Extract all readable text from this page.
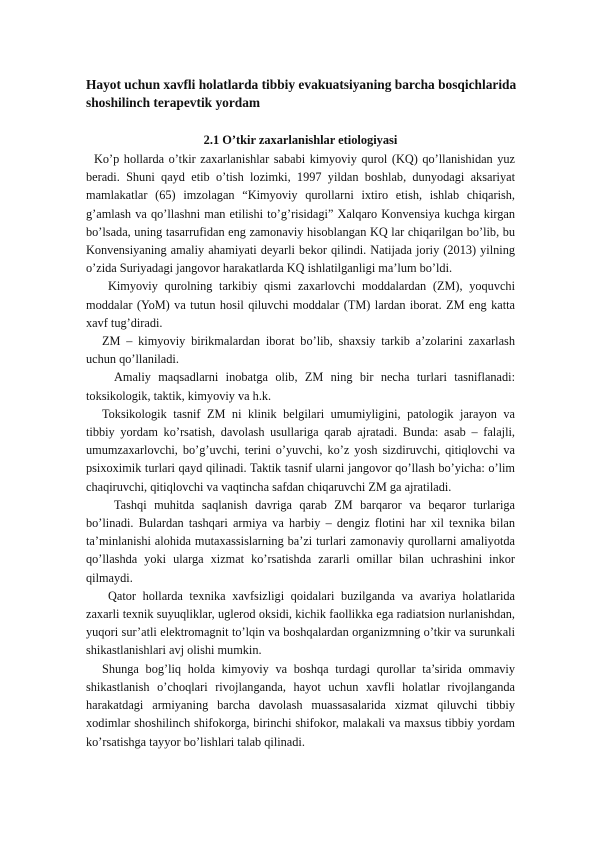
Hayot uchun xavfli holatlarda tibbiy evakuatsiyaning barcha bosqichlarida shoshilinch terapevtik yordam

2.1 O’tkir zaxarlanishlar etiologiyasi

Ko’p hollarda o’tkir zaxarlanishlar sababi kimyoviy qurol (KQ) qo’llanishidan yuz beradi. Shuni qayd etib o’tish lozimki, 1997 yildan boshlab, dunyodagi aksariyat mamlakatlar (65) imzolagan “Kimyoviy qurollarni ixtiro etish, ishlab chiqarish, g’amlash va qo’llashni man etilishi to’g’risidagi” Xalqaro Konvensiya kuchga kirgan bo’lsada, uning tasarrufidan eng zamonaviy hisoblangan KQ lar chiqarilgan bo’lib, bu Konvensiyaning amaliy ahamiyati deyarli bekor qilindi. Natijada joriy (2013) yilning o’zida Suriyadagi jangovor harakatlarda KQ ishlatilganligi ma’lum bo’ldi.

Kimyoviy qurolning tarkibiy qismi zaxarlovchi moddalardan (ZM), yoquvchi moddalar (YoM) va tutun hosil qiluvchi moddalar (TM) lardan iborat. ZM eng katta xavf tug’diradi.

ZM – kimyoviy birikmalardan iborat bo’lib, shaxsiy tarkib a’zolarini zaxarlash uchun qo’llaniladi.

Amaliy maqsadlarni inobatga olib, ZM ning bir necha turlari tasniflanadi: toksikologik, taktik, kimyoviy va h.k.

Toksikologik tasnif ZM ni klinik belgilari umumiyligini, patologik jarayon va tibbiy yordam ko’rsatish, davolash usullariga qarab ajratadi. Bunda: asab – falajli, umumzaxarlovchi, bo’g’uvchi, terini o’yuvchi, ko’z yosh sizdiruvchi, qitiqlovchi va psixoximik turlari qayd qilinadi. Taktik tasnif ularni jangovor qo’llash bo’yicha: o’lim chaqiruvchi, qitiqlovchi va vaqtincha safdan chiqaruvchi ZM ga ajratiladi.

Tashqi muhitda saqlanish davriga qarab ZM barqaror va beqaror turlariga bo’linadi. Bulardan tashqari armiya va harbiy – dengiz flotini har xil texnika bilan ta’minlanishi alohida mutaxassislarning ba’zi turlari zamonaviy qurollarni amaliyotda qo’llashda yoki ularga xizmat ko’rsatishda zararli omillar bilan uchrashini inkor qilmaydi.

Qator hollarda texnika xavfsizligi qoidalari buzilganda va avariya holatlarida zaxarli texnik suyuqliklar, uglerod oksidi, kichik faollikka ega radiatsion nurlanishdan, yuqori sur’atli elektromagnit to’lqin va boshqalardan organizmning o’tkir va surunkali shikastlanishlari avj olishi mumkin.

Shunga bog’liq holda kimyoviy va boshqa turdagi qurollar ta’sirida ommaviy shikastlanish o’choqlari rivojlanganda, hayot uchun xavfli holatlar rivojlanganda harakatdagi armiyaning barcha davolash muassasalarida xizmat qiluvchi tibbiy xodimlar shoshilinch shifokorga, birinchi shifokor, malakali va maxsus tibbiy yordam ko’rsatishga tayyor bo’lishlari talab qilinadi.
